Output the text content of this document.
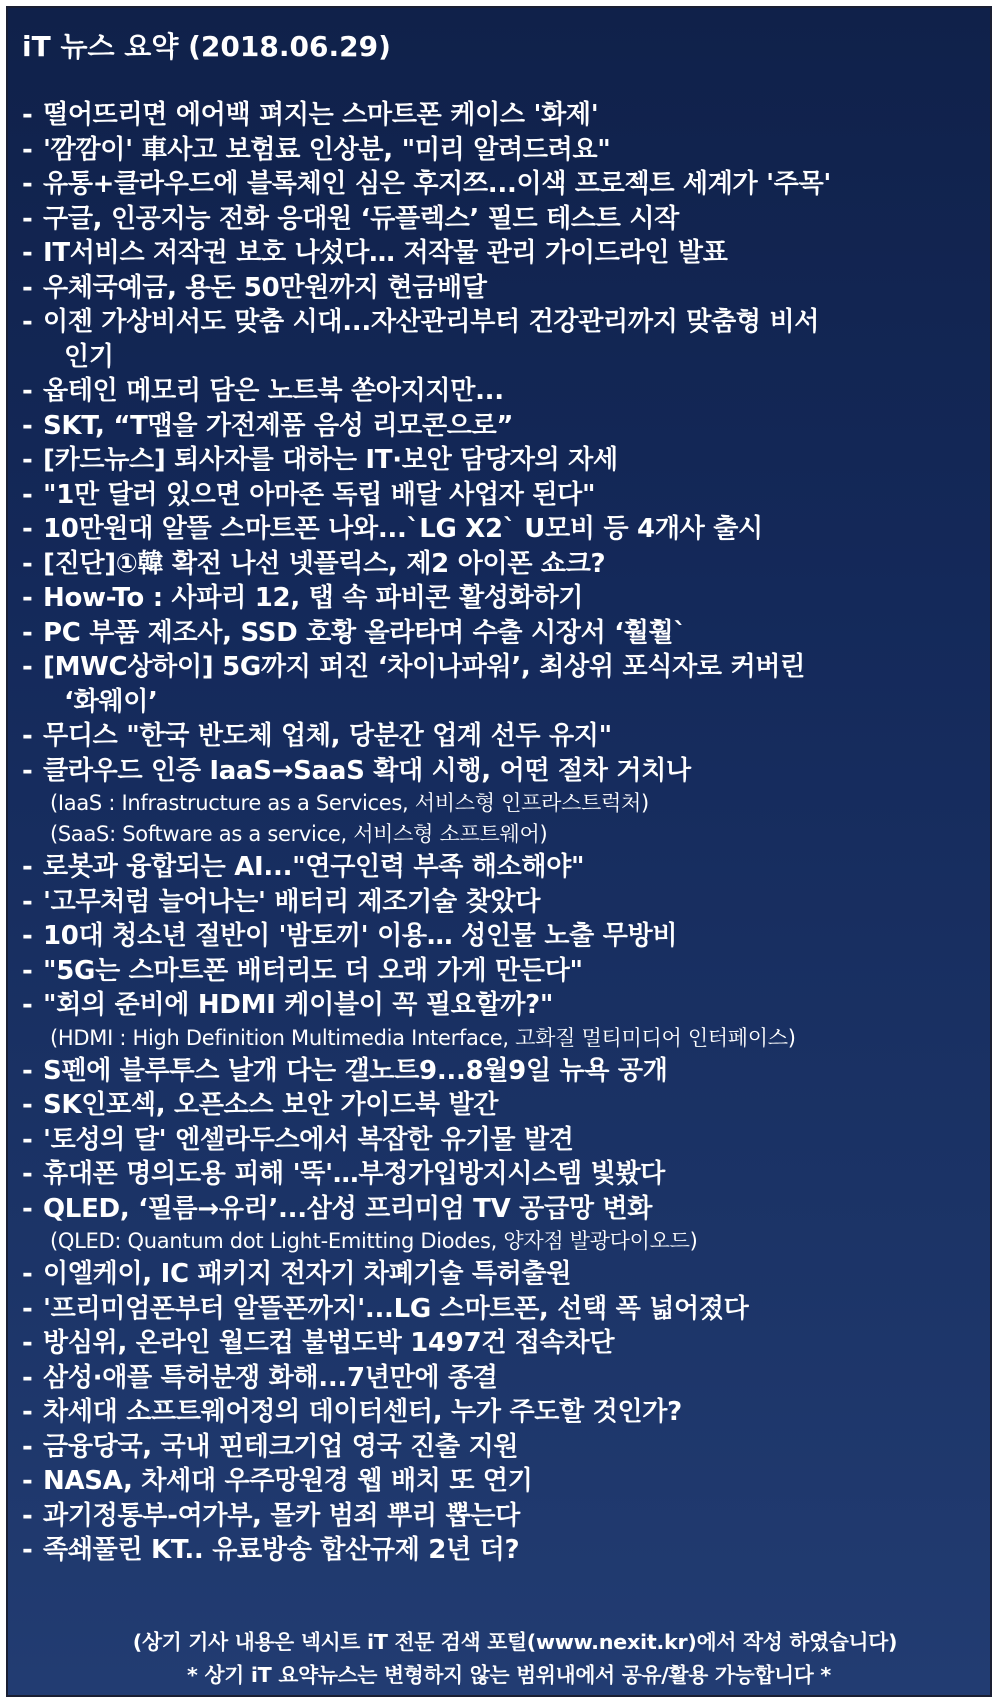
iT 뉴스 요약 (2018.06.29)
- 떨어뜨리면 에어백 펴지는 스마트폰 케이스 '화제'
- '깜깜이' 車사고 보험료 인상분, "미리 알려드려요"
- 유통+클라우드에 블록체인 심은 후지쯔...이색 프로젝트 세계가 '주목'
- 구글, 인공지능 전화 응대원 ‘듀플렉스’ 필드 테스트 시작
- IT서비스 저작권 보호 나섰다… 저작물 관리 가이드라인 발표
- 우체국예금, 용돈 50만원까지 현금배달
- 이젠 가상비서도 맞춤 시대...자산관리부터 건강관리까지 맞춤형 비서
인기
- 옵테인 메모리 담은 노트북 쏟아지지만...
- SKT, “T맵을 가전제품 음성 리모콘으로”
- [카드뉴스] 퇴사자를 대하는 IT·보안 담당자의 자세
- "1만 달러 있으면 아마존 독립 배달 사업자 된다"
- 10만원대 알뜰 스마트폰 나와...`LG X2` U모비 등 4개사 출시
- [진단]①韓 확전 나선 넷플릭스, 제2 아이폰 쇼크?
- How-To : 사파리 12, 탭 속 파비콘 활성화하기
- PC 부품 제조사, SSD 호황 올라타며 수출 시장서 ‘훨훨`
- [MWC상하이] 5G까지 퍼진 ‘차이나파워’, 최상위 포식자로 커버린
‘화웨이’
- 무디스 "한국 반도체 업체, 당분간 업계 선두 유지"
- 클라우드 인증 IaaS→SaaS 확대 시행, 어떤 절차 거치나
(IaaS : Infrastructure as a Services, 서비스형 인프라스트럭처)
(SaaS: Software as a service, 서비스형 소프트웨어)
- 로봇과 융합되는 AI..."연구인력 부족 해소해야"
- '고무처럼 늘어나는' 배터리 제조기술 찾았다
- 10대 청소년 절반이 '밤토끼' 이용… 성인물 노출 무방비
- "5G는 스마트폰 배터리도 더 오래 가게 만든다"
- "회의 준비에 HDMI 케이블이 꼭 필요할까?"
(HDMI : High Definition Multimedia Interface, 고화질 멀티미디어 인터페이스)
- S펜에 블루투스 날개 다는 갤노트9...8월9일 뉴욕 공개
- SK인포섹, 오픈소스 보안 가이드북 발간
- '토성의 달' 엔셀라두스에서 복잡한 유기물 발견
- 휴대폰 명의도용 피해 '뚝'…부정가입방지시스템 빛봤다
- QLED, ‘필름→유리’...삼성 프리미엄 TV 공급망 변화
(QLED: Quantum dot Light-Emitting Diodes, 양자점 발광다이오드)
- 이엘케이, IC 패키지 전자기 차폐기술 특허출원
- '프리미엄폰부터 알뜰폰까지'...LG 스마트폰, 선택 폭 넓어졌다
- 방심위, 온라인 월드컵 불법도박 1497건 접속차단
- 삼성·애플 특허분쟁 화해...7년만에 종결
- 차세대 소프트웨어정의 데이터센터, 누가 주도할 것인가?
- 금융당국, 국내 핀테크기업 영국 진출 지원
- NASA, 차세대 우주망원경 웹 배치 또 연기
- 과기정통부-여가부, 몰카 범죄 뿌리 뽑는다
- 족쇄풀린 KT.. 유료방송 합산규제 2년 더?
(상기 기사 내용은 넥시트 iT 전문 검색 포털(www.nexit.kr)에서 작성 하였습니다)
* 상기 iT 요약뉴스는 변형하지 않는 범위내에서 공유/활용 가능합니다 *
